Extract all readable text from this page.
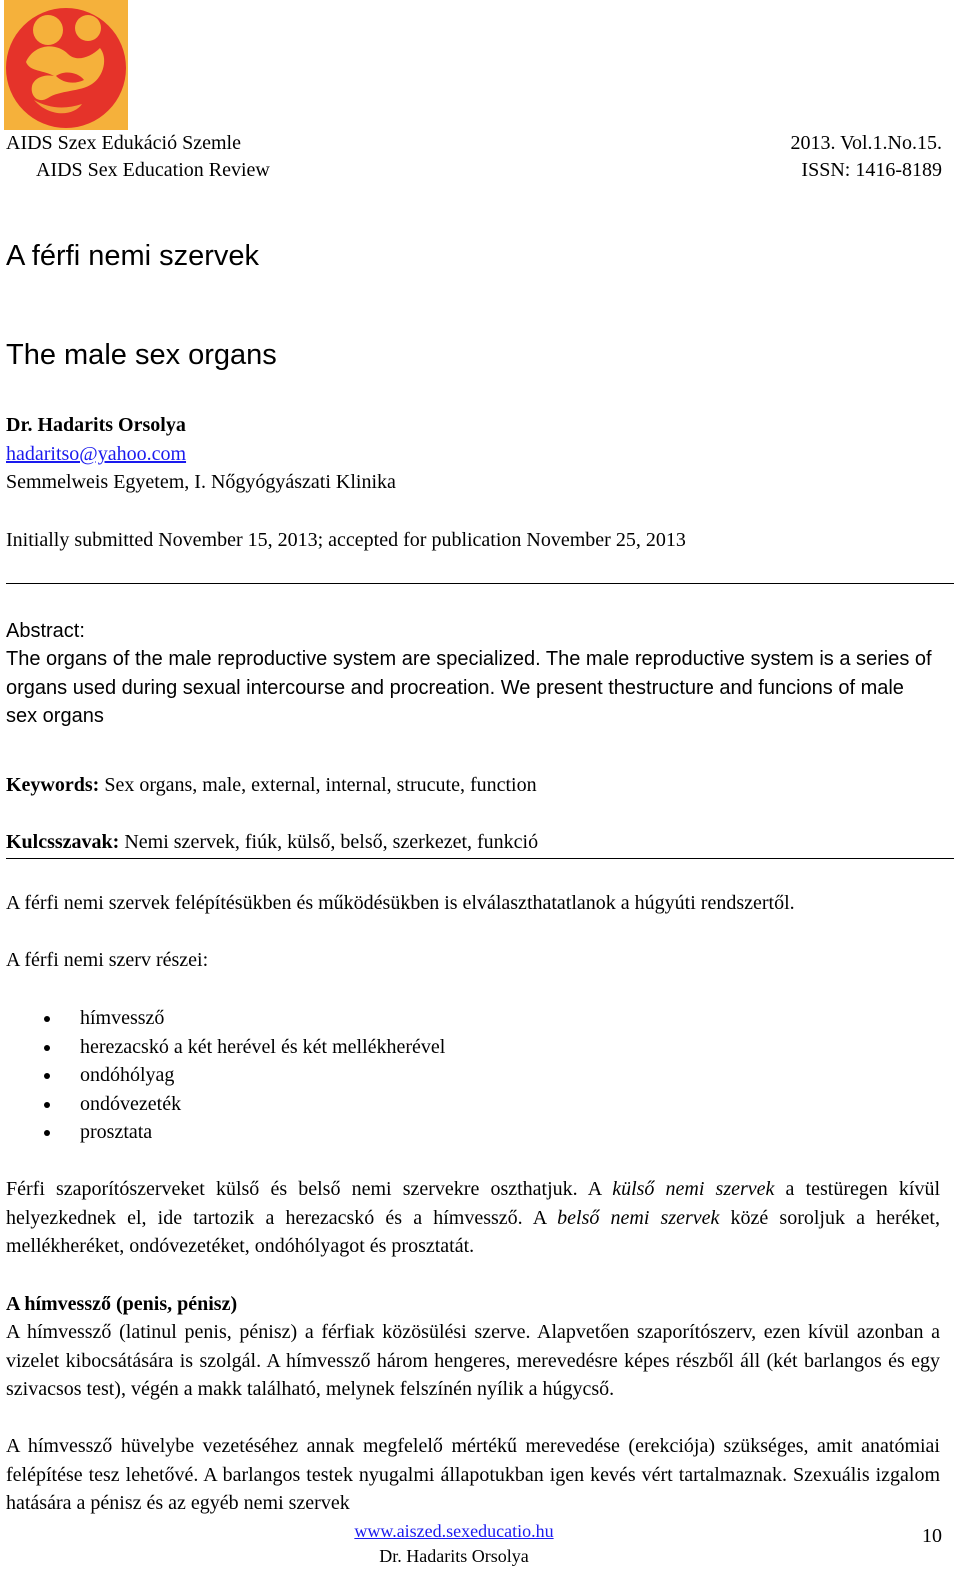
AIDS Szex Edukáció Szemle
AIDS Sex Education Review
2013. Vol.1.No.15.
ISSN: 1416-8189
A férfi nemi szervek
The male sex organs
Dr. Hadarits Orsolya
hadaritso@yahoo.com
Semmelweis Egyetem, I. Nőgyógyászati Klinika
Initially submitted November 15, 2013; accepted for publication November 25, 2013
Abstract:
The organs of the male reproductive system are specialized. The male reproductive system is a series of organs used during sexual intercourse and procreation. We present thestructure and funcions of male sex organs
Keywords: Sex organs, male, external, internal, strucute, function
Kulcsszavak: Nemi szervek, fiúk, külső, belső, szerkezet, funkció
A férfi nemi szervek felépítésükben és működésükben is elválaszthatatlanok a húgyúti rendszertől.
A férfi nemi szerv részei:
hímvessző
herezacskó a két herével és két mellékherével
ondóhólyag
ondóvezeték
prosztata
Férfi szaporítószerveket külső és belső nemi szervekre oszthatjuk. A külső nemi szervek a testüregen kívül helyezkednek el, ide tartozik a herezacskó és a hímvessző. A belső nemi szervek közé soroljuk a heréket, mellékheréket, ondóvezetéket, ondóhólyagot és prosztatát.
A hímvessző (penis, pénisz)
A hímvessző (latinul penis, pénisz) a férfiak közösülési szerve. Alapvetően szaporítószerv, ezen kívül azonban a vizelet kibocsátására is szolgál. A hímvessző három hengeres, merevedésre képes részből áll (két barlangos és egy szivacsos test), végén a makk található, melynek felszínén nyílik a húgycső.
A hímvessző hüvelybe vezetéséhez annak megfelelő mértékű merevedése (erekciója) szükséges, amit anatómiai felépítése tesz lehetővé. A barlangos testek nyugalmi állapotukban igen kevés vért tartalmaznak. Szexuális izgalom hatására a pénisz és az egyéb nemi szervek
www.aiszed.sexeducatio.hu
Dr. Hadarits Orsolya
10
